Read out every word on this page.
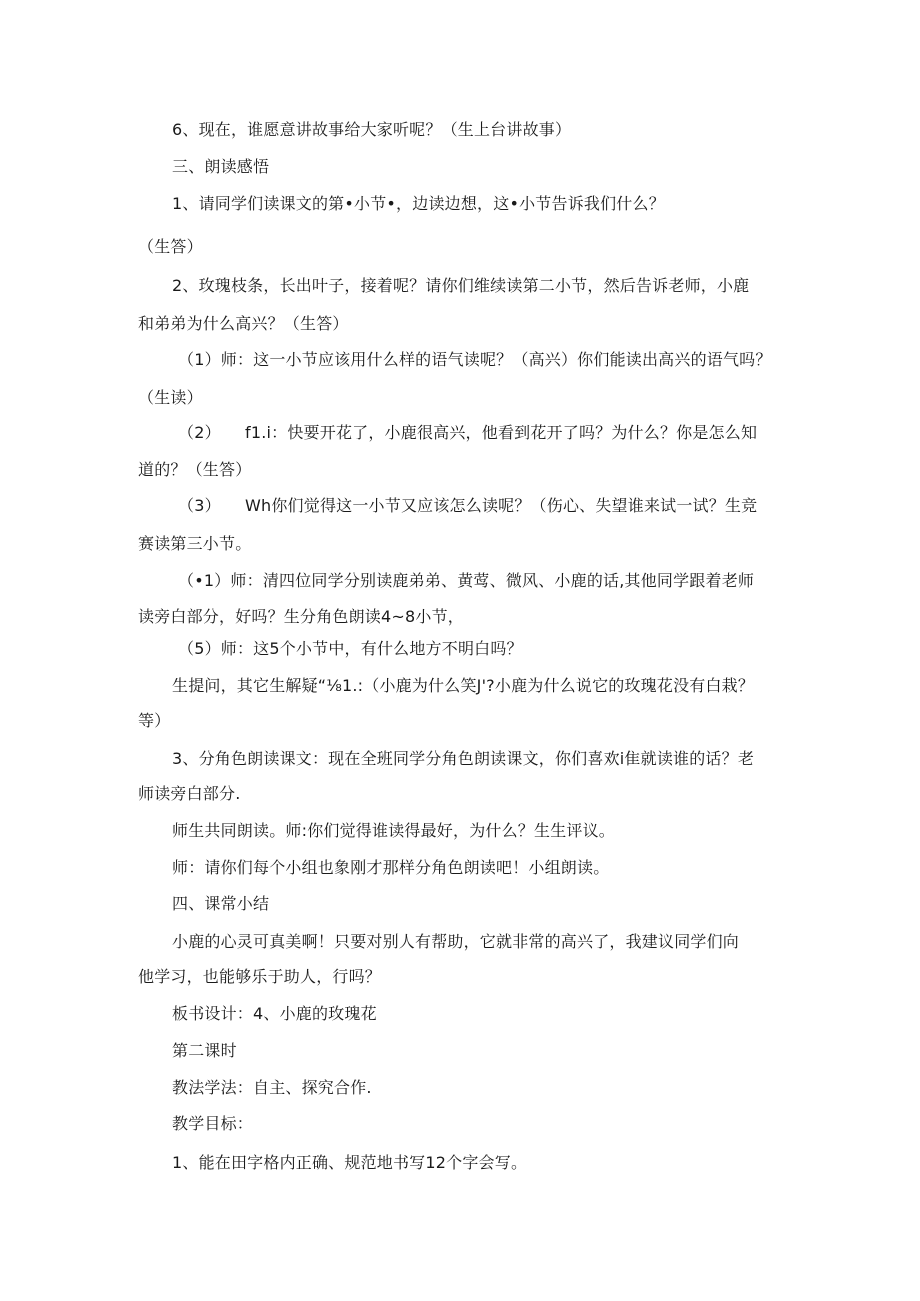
6、现在，谁愿意讲故事给大家听呢？（生上台讲故事）

三、朗读感悟

1、请同学们读课文的第•小节•，边读边想，这•小节告诉我们什么？

（生答）

2、玫瑰枝条，长出叶子，接着呢？请你们维续读第二小节，然后告诉老师，小鹿

和弟弟为什么高兴？（生答）

（1）师：这一小节应该用什么样的语气读呢？（高兴）你们能读出高兴的语气吗？

（生读）

（2） f1.i：快要开花了，小鹿很高兴，他看到花开了吗？为什么？你是怎么知

道的？（生答）

（3） Wh你们觉得这一小节又应该怎么读呢？（伤心、失望谁来试一试？生竞

赛读第三小节。

（•1）师：清四位同学分别读鹿弟弟、黄莺、微风、小鹿的话,其他同学跟着老师

读旁白部分，好吗？生分角色朗读4~8小节，

（5）师：这5个小节中，有什么地方不明白吗？

生提问，其它生解疑“⅛1.:（小鹿为什么笑J'?小鹿为什么说它的玫瑰花没有白栽？

等）

3、分角色朗读课文：现在全班同学分角色朗读课文，你们喜欢i隹就读谁的话？老

师读旁白部分.

师生共同朗读。师:你们觉得谁读得最好，为什么？生生评议。

师：请你们每个小组也象刚才那样分角色朗读吧！小组朗读。

四、课常小结

小鹿的心灵可真美啊！只要对别人有帮助，它就非常的高兴了，我建议同学们向

他学习，也能够乐于助人，行吗？

板书设计：4、小鹿的玫瑰花

第二课时

教法学法：自主、探究合作.

教学目标：

1、能在田字格内正确、规范地书写12个字会写。
